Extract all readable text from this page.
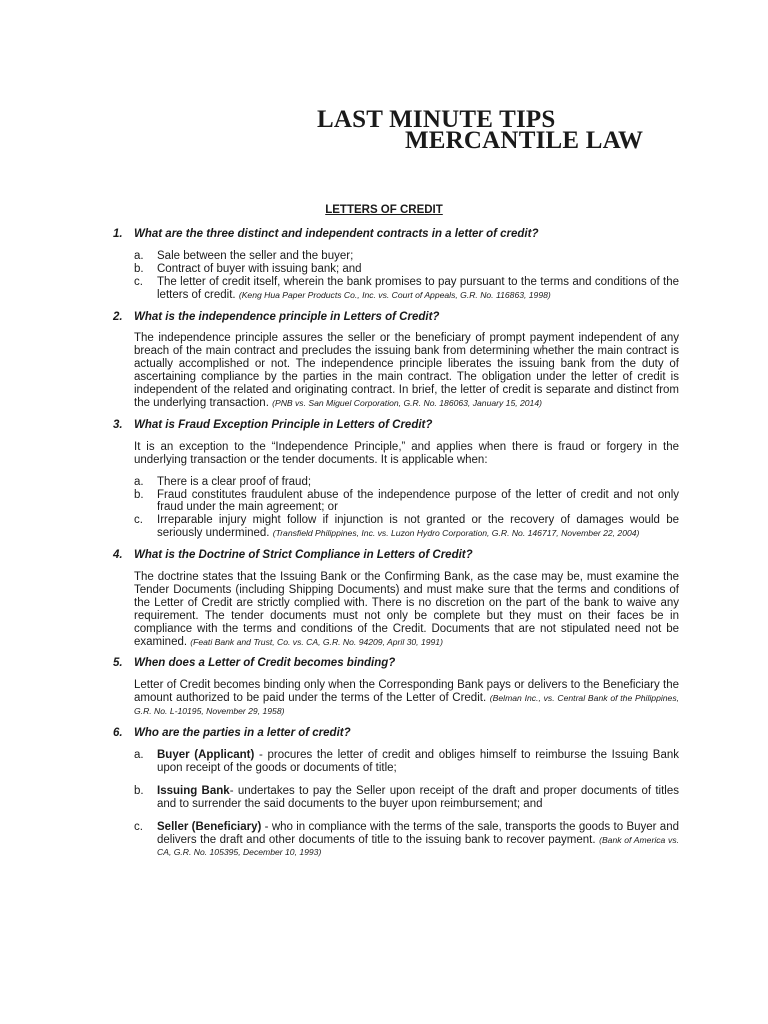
LAST MINUTE TIPS
MERCANTILE LAW
LETTERS OF CREDIT
1. What are the three distinct and independent contracts in a letter of credit?
a.	Sale between the seller and the buyer;
b.	Contract of buyer with issuing bank; and
c.	The letter of credit itself, wherein the bank promises to pay pursuant to the terms and conditions of the letters of credit. (Keng Hua Paper Products Co., Inc. vs. Court of Appeals, G.R. No. 116863, 1998)
2. What is the independence principle in Letters of Credit?

The independence principle assures the seller or the beneficiary of prompt payment independent of any breach of the main contract and precludes the issuing bank from determining whether the main contract is actually accomplished or not. The independence principle liberates the issuing bank from the duty of ascertaining compliance by the parties in the main contract. The obligation under the letter of credit is independent of the related and originating contract. In brief, the letter of credit is separate and distinct from the underlying transaction. (PNB vs. San Miguel Corporation, G.R. No. 186063, January 15, 2014)

3. What is Fraud Exception Principle in Letters of Credit?

It is an exception to the “Independence Principle,” and applies when there is fraud or forgery in the underlying transaction or the tender documents. It is applicable when:

a.	There is a clear proof of fraud;
b.	Fraud constitutes fraudulent abuse of the independence purpose of the letter of credit and not only fraud under the main agreement; or
c.	Irreparable injury might follow if injunction is not granted or the recovery of damages would be seriously undermined. (Transfield Philippines, Inc. vs. Luzon Hydro Corporation, G.R. No. 146717, November 22, 2004)
4. What is the Doctrine of Strict Compliance in Letters of Credit?

The doctrine states that the Issuing Bank or the Confirming Bank, as the case may be, must examine the Tender Documents (including Shipping Documents) and must make sure that the terms and conditions of the Letter of Credit are strictly complied with. There is no discretion on the part of the bank to waive any requirement. The tender documents must not only be complete but they must on their faces be in compliance with the terms and conditions of the Credit. Documents that are not stipulated need not be examined. (Feati Bank and Trust, Co. vs. CA, G.R. No. 94209, April 30, 1991)

5. When does a Letter of Credit becomes binding?

Letter of Credit becomes binding only when the Corresponding Bank pays or delivers to the Beneficiary the amount authorized to be paid under the terms of the Letter of Credit. (Belman Inc., vs. Central Bank of the Philippines, G.R. No. L-10195, November 29, 1958)

6. Who are the parties in a letter of credit?
a.	Buyer (Applicant) - procures the letter of credit and obliges himself to reimburse the Issuing Bank upon receipt of the goods or documents of title;
b.	Issuing Bank- undertakes to pay the Seller upon receipt of the draft and proper documents of titles and to surrender the said documents to the buyer upon reimbursement; and
c.	Seller (Beneficiary) - who in compliance with the terms of the sale, transports the goods to Buyer and delivers the draft and other documents of title to the issuing bank to recover payment. (Bank of America vs. CA, G.R. No. 105395, December 10, 1993)
